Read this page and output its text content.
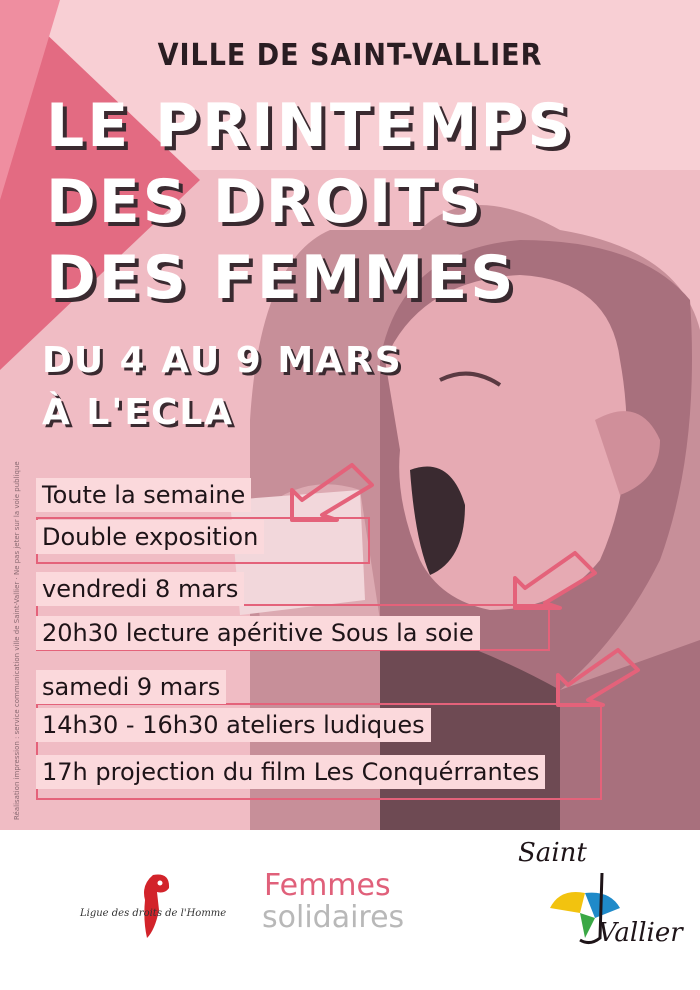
VILLE DE SAINT-VALLIER
LE PRINTEMPS
DES DROITS
DES FEMMES
DU 4 AU 9 MARS
À L'ECLA
Toute la semaine
Double exposition
vendredi 8 mars
20h30 lecture apéritive Sous la soie
samedi 9 mars
14h30 - 16h30 ateliers ludiques
17h projection du film Les Conquérrantes
Réalisation impression : service communication ville de Saint-Vallier · Ne pas jeter sur la voie publique
Ligue des droits de l'Homme
Femmes
solidaires
Saint
Vallier
